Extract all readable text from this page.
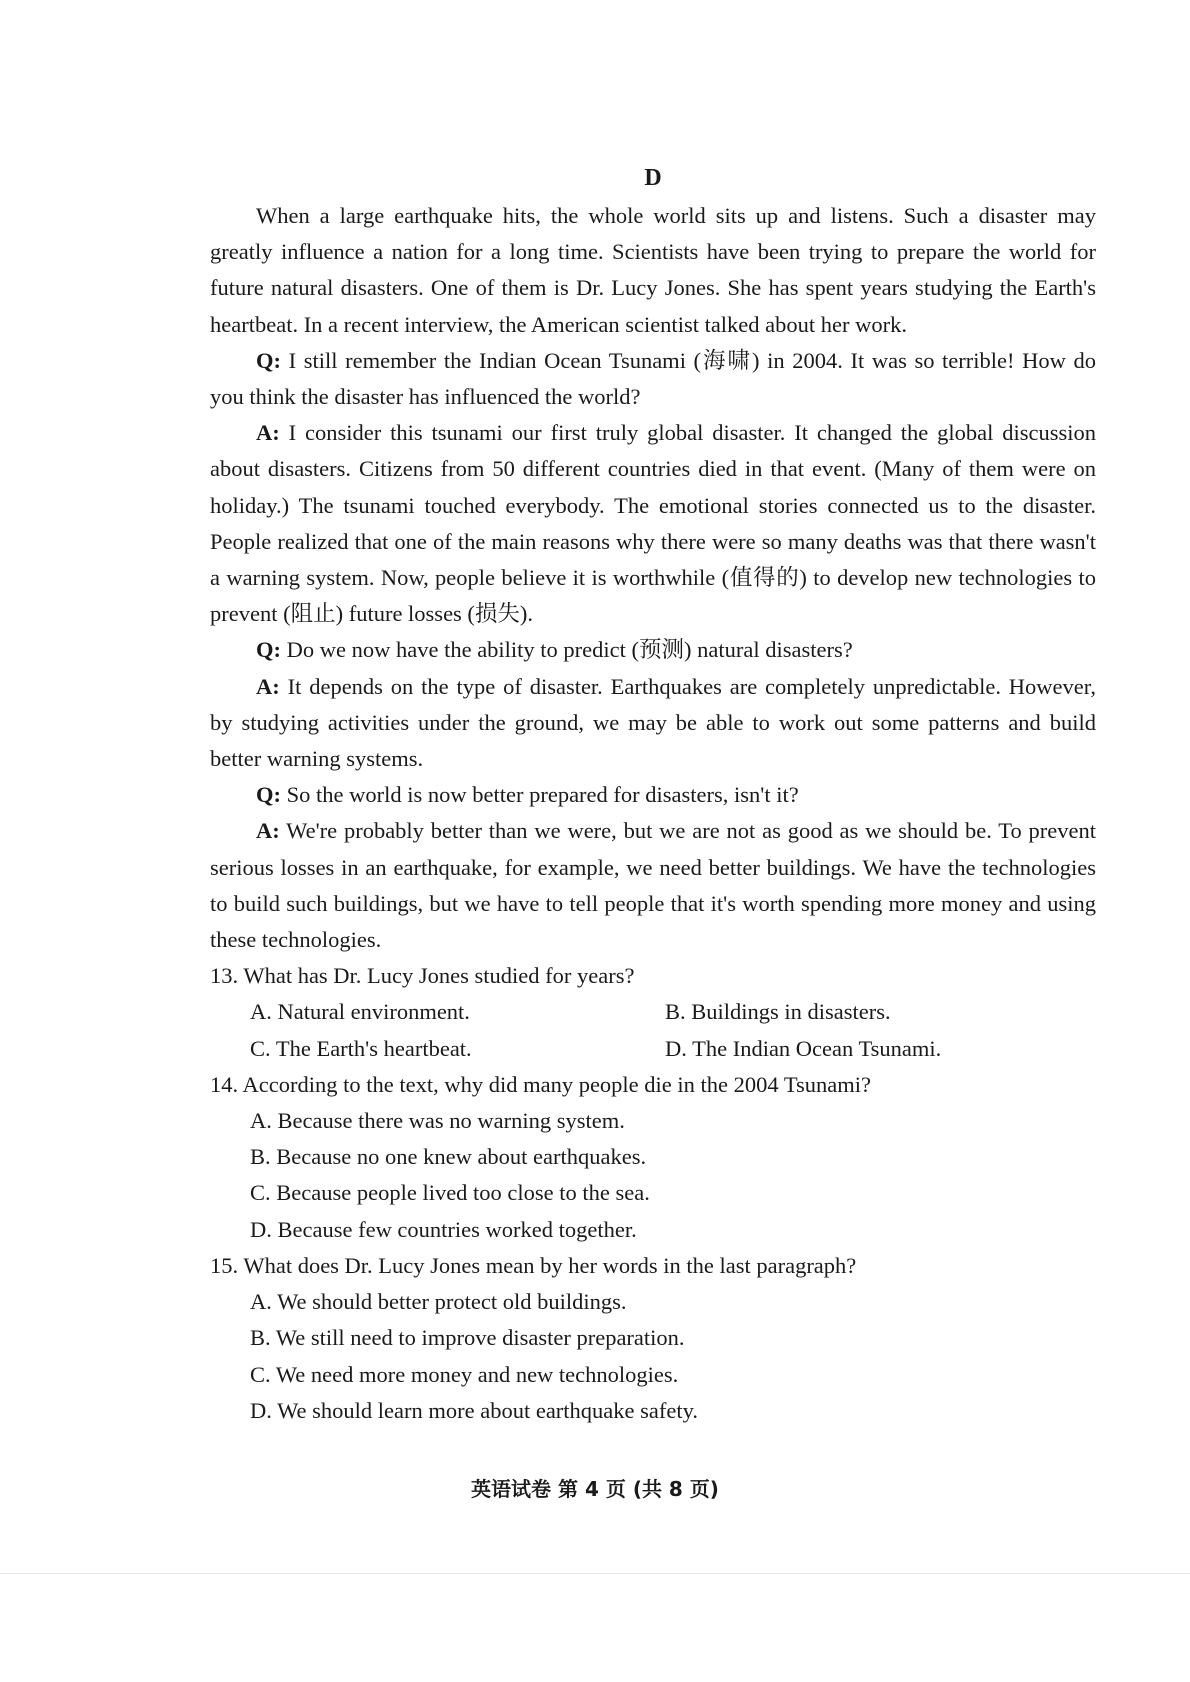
D

When a large earthquake hits, the whole world sits up and listens. Such a disaster may greatly influence a nation for a long time. Scientists have been trying to prepare the world for future natural disasters. One of them is Dr. Lucy Jones. She has spent years studying the Earth's heartbeat. In a recent interview, the American scientist talked about her work.

Q: I still remember the Indian Ocean Tsunami (海啸) in 2004. It was so terrible! How do you think the disaster has influenced the world?

A: I consider this tsunami our first truly global disaster. It changed the global discussion about disasters. Citizens from 50 different countries died in that event. (Many of them were on holiday.) The tsunami touched everybody. The emotional stories connected us to the disaster. People realized that one of the main reasons why there were so many deaths was that there wasn't a warning system. Now, people believe it is worthwhile (值得的) to develop new technologies to prevent (阻止) future losses (损失).

Q: Do we now have the ability to predict (预测) natural disasters?

A: It depends on the type of disaster. Earthquakes are completely unpredictable. However, by studying activities under the ground, we may be able to work out some patterns and build better warning systems.

Q: So the world is now better prepared for disasters, isn't it?

A: We're probably better than we were, but we are not as good as we should be. To prevent serious losses in an earthquake, for example, we need better buildings. We have the technologies to build such buildings, but we have to tell people that it's worth spending more money and using these technologies.

13. What has Dr. Lucy Jones studied for years?

A. Natural environment.	B. Buildings in disasters.
C. The Earth's heartbeat.	D. The Indian Ocean Tsunami.

14. According to the text, why did many people die in the 2004 Tsunami?

A. Because there was no warning system.

B. Because no one knew about earthquakes.

C. Because people lived too close to the sea.

D. Because few countries worked together.

15. What does Dr. Lucy Jones mean by her words in the last paragraph?

A. We should better protect old buildings.

B. We still need to improve disaster preparation.

C. We need more money and new technologies.

D. We should learn more about earthquake safety.

英语试卷 第 4 页 (共 8 页)
